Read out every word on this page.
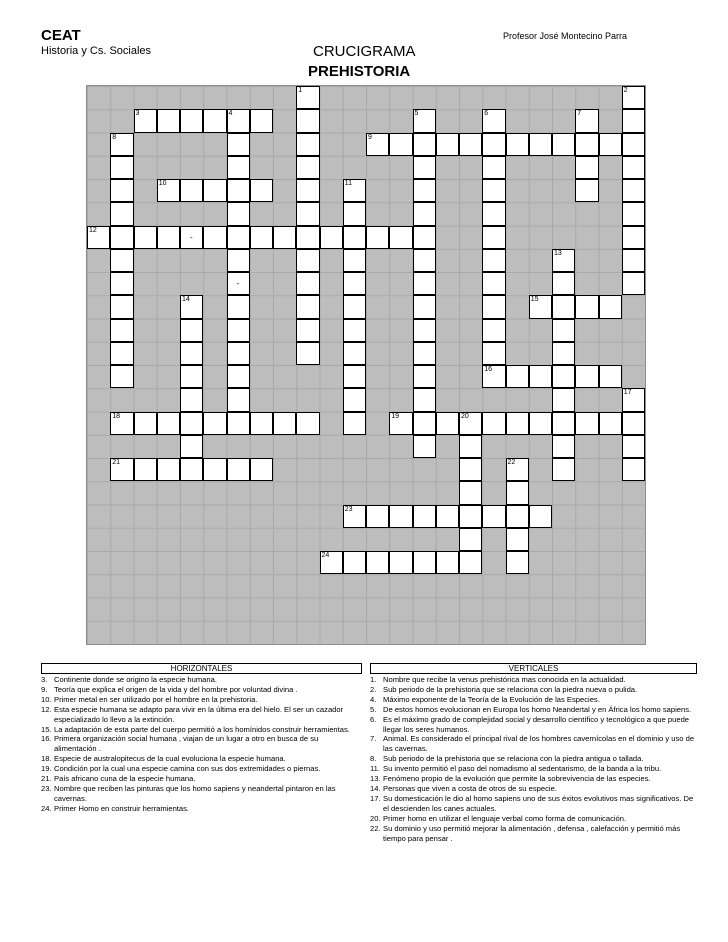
CEAT
Historia y Cs. Sociales
Profesor José Montecino Parra
CRUCIGRAMA
PREHISTORIA
1	2
3	4	5	6	7
8	9
10	11
12
-
13
-
14	15
16
17
18	19	20
21	22
23
24
HORIZONTALES
3. Continente donde se origino la especie humana.
9. Teoría que explica el origen de la vida y del hombre por voluntad divina .
10. Primer metal en ser utilizado por el hombre en la prehistoria.
12. Esta especie humana se adapto para vivir en la última era del hielo. El ser un cazador especializado lo llevo a la extinción.
15. La adaptación de esta parte del cuerpo permitió a los homínidos construir herramientas.
16. Primera organización social humana , viajan de un lugar a otro en busca de su alimentación .
18. Especie de australopitecus de la cual evoluciona la especie humana.
19. Condición por la cual una especie camina con sus dos extremidades o piernas.
21. País africano cuna de la especie humana.
23. Nombre que reciben las pinturas que los homo sapiens y neandertal pintaron en las cavernas.
24. Primer Homo en construir herramientas.
VERTICALES
1. Nombre que recibe la venus prehistórica mas conocida en la actualidad.
2. Sub periodo de la prehistoria que se relaciona con la piedra nueva o pulida.
4. Máximo exponente de la Teoría de la Evolución de las Especies.
5. De estos homos evolucionan en Europa los homo Neandertal y en África los homo sapiens.
6. Es el máximo grado de complejidad social y desarrollo científico y tecnológico a que puede llegar los seres humanos.
7. Animal. Es considerado el principal rival de los hombres cavernícolas en el dominio y uso de las cavernas.
8. Sub periodo de la prehistoria que se relaciona con la piedra antigua o tallada.
11. Su invento permitió el paso del nomadismo al sedentarismo, de la banda a la tribu.
13. Fenómeno propio de la evolución que permite la sobrevivencia de las especies.
14. Personas que viven a costa de otros de su especie.
17. Su domesticación le dio al homo sapiens uno de sus éxitos evolutivos mas significativos. De el descienden los canes actuales.
20. Primer homo en utilizar el lenguaje verbal como forma de comunicación.
22. Su dominio y uso permitió mejorar la alimentación , defensa , calefacción y permitió más tiempo para pensar .
